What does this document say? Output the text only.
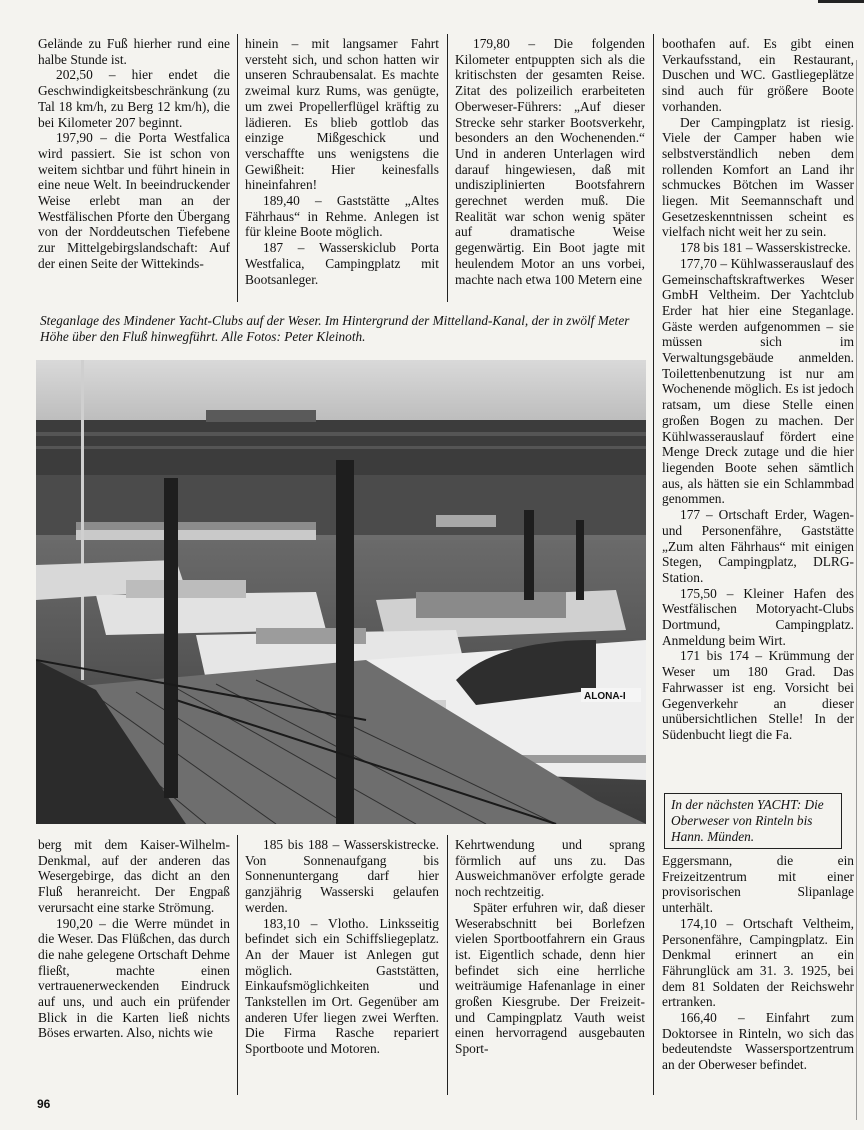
Gelände zu Fuß hierher rund eine halbe Stunde ist.

202,50 – hier endet die Geschwindigkeitsbeschränkung (zu Tal 18 km/h, zu Berg 12 km/h), die bei Kilometer 207 beginnt.

197,90 – die Porta Westfalica wird passiert. Sie ist schon von weitem sichtbar und führt hinein in eine neue Welt. In beeindruckender Weise erlebt man an der Westfälischen Pforte den Übergang von der Norddeutschen Tiefebene zur Mittelgebirgslandschaft: Auf der einen Seite der Wittekinds-

hinein – mit langsamer Fahrt versteht sich, und schon hatten wir unseren Schraubensalat. Es machte zweimal kurz Rums, was genügte, um zwei Propellerflügel kräftig zu lädieren. Es blieb gottlob das einzige Mißgeschick und verschaffte uns wenigstens die Gewißheit: Hier keinesfalls hineinfahren!

189,40 – Gaststätte „Altes Fährhaus“ in Rehme. Anlegen ist für kleine Boote möglich.

187 – Wasserskiclub Porta Westfalica, Campingplatz mit Bootsanleger.

179,80 – Die folgenden Kilometer entpuppten sich als die kritischsten der gesamten Reise. Zitat des polizeilich erarbeiteten Oberweser-Führers: „Auf dieser Strecke sehr starker Bootsverkehr, besonders an den Wochenenden.“ Und in anderen Unterlagen wird darauf hingewiesen, daß mit undisziplinierten Bootsfahrern gerechnet werden muß. Die Realität war schon wenig später auf dramatische Weise gegenwärtig. Ein Boot jagte mit heulendem Motor an uns vorbei, machte nach etwa 100 Metern eine

boothafen auf. Es gibt einen Verkaufsstand, ein Restaurant, Duschen und WC. Gastliegeplätze sind auch für größere Boote vorhanden.

Der Campingplatz ist riesig. Viele der Camper haben wie selbstverständlich neben dem rollenden Komfort an Land ihr schmuckes Bötchen im Wasser liegen. Mit Seemannschaft und Gesetzeskenntnissen scheint es vielfach nicht weit her zu sein.

178 bis 181 – Wasserskistrecke.

177,70 – Kühlwasserauslauf des Gemeinschaftskraftwerkes Weser GmbH Veltheim. Der Yachtclub Erder hat hier eine Steganlage. Gäste werden aufgenommen – sie müssen sich im Verwaltungsgebäude anmelden. Toilettenbenutzung ist nur am Wochenende möglich. Es ist jedoch ratsam, um diese Stelle einen großen Bogen zu machen. Der Kühlwasserauslauf fördert eine Menge Dreck zutage und die hier liegenden Boote sehen sämtlich aus, als hätten sie ein Schlammbad genommen.

177 – Ortschaft Erder, Wagen- und Personenfähre, Gaststätte „Zum alten Fährhaus“ mit einigen Stegen, Campingplatz, DLRG-Station.

175,50 – Kleiner Hafen des Westfälischen Motoryacht-Clubs Dortmund, Campingplatz. Anmeldung beim Wirt.

171 bis 174 – Krümmung der Weser um 180 Grad. Das Fahrwasser ist eng. Vorsicht bei Gegenverkehr an dieser unübersichtlichen Stelle! In der Südenbucht liegt die Fa.

Steganlage des Mindener Yacht-Clubs auf der Weser. Im Hintergrund der Mittelland-Kanal, der in zwölf Meter Höhe über den Fluß hinwegführt. Alle Fotos: Peter Kleinoth.
ALONA-I
In der nächsten YACHT: Die Oberweser von Rinteln bis Hann. Münden.

berg mit dem Kaiser-Wilhelm-Denkmal, auf der anderen das Wesergebirge, das dicht an den Fluß heranreicht. Der Engpaß verursacht eine starke Strömung.

190,20 – die Werre mündet in die Weser. Das Flüßchen, das durch die nahe gelegene Ortschaft Dehme fließt, machte einen vertrauenerweckenden Eindruck auf uns, und auch ein prüfender Blick in die Karten ließ nichts Böses erwarten. Also, nichts wie

185 bis 188 – Wasserskistrecke. Von Sonnenaufgang bis Sonnenuntergang darf hier ganzjährig Wasserski gelaufen werden.

183,10 – Vlotho. Linksseitig befindet sich ein Schiffsliegeplatz. An der Mauer ist Anlegen gut möglich. Gaststätten, Einkaufsmöglichkeiten und Tankstellen im Ort. Gegenüber am anderen Ufer liegen zwei Werften. Die Firma Rasche repariert Sportboote und Motoren.

Kehrtwendung und sprang förmlich auf uns zu. Das Ausweichmanöver erfolgte gerade noch rechtzeitig.

Später erfuhren wir, daß dieser Weserabschnitt bei Borlefzen vielen Sportbootfahrern ein Graus ist. Eigentlich schade, denn hier befindet sich eine herrliche weiträumige Hafenanlage in einer großen Kiesgrube. Der Freizeit- und Campingplatz Vauth weist einen hervorragend ausgebauten Sport-

Eggersmann, die ein Freizeitzentrum mit einer provisorischen Slipanlage unterhält.

174,10 – Ortschaft Veltheim, Personenfähre, Campingplatz. Ein Denkmal erinnert an ein Fährunglück am 31. 3. 1925, bei dem 81 Soldaten der Reichswehr ertranken.

166,40 – Einfahrt zum Doktorsee in Rinteln, wo sich das bedeutendste Wassersportzentrum an der Oberweser befindet.

96
